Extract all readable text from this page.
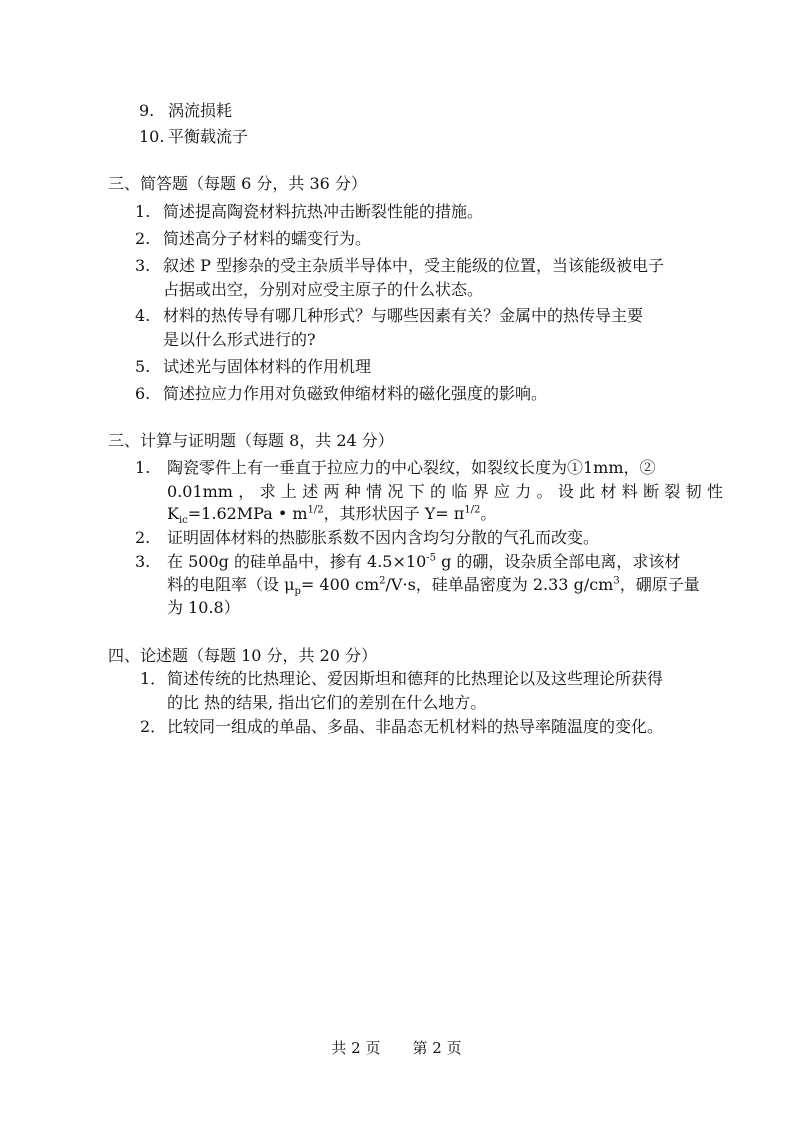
9. 涡流损耗
10. 平衡载流子
三、简答题（每题 6 分，共 36 分）
1. 简述提高陶瓷材料抗热冲击断裂性能的措施。
2. 简述高分子材料的蠕变行为。
3. 叙述 P 型掺杂的受主杂质半导体中，受主能级的位置，当该能级被电子
占据或出空，分别对应受主原子的什么状态。
4. 材料的热传导有哪几种形式？与哪些因素有关？金属中的热传导主要
是以什么形式进行的?
5. 试述光与固体材料的作用机理
6. 简述拉应力作用对负磁致伸缩材料的磁化强度的影响。
三、计算与证明题（每题 8，共 24 分）
1. 陶瓷零件上有一垂直于拉应力的中心裂纹，如裂纹长度为①1mm，②
0.01mm，求上述两种情况下的临界应力。设此材料断裂韧性
$K_{ic}=1.62MPa$ • $m^{1/2}$，其形状因子 $Y= \pi^{1/2}$。
2. 证明固体材料的热膨胀系数不因内含均匀分散的气孔而改变。
3. 在 500g 的硅单晶中，掺有 $4.5\times 10^{-5}$ g 的硼，设杂质全部电离，求该材
料的电阻率（设 $\mu_p= 400$ $cm^2/V\cdot s$，硅单晶密度为 2.33 $g/cm^3$，硼原子量
为 10.8）
四、论述题（每题 10 分，共 20 分）
1．简述传统的比热理论、爱因斯坦和德拜的比热理论以及这些理论所获得
的比 热的结果, 指出它们的差别在什么地方。
2．比较同一组成的单晶、多晶、非晶态无机材料的热导率随温度的变化。
共 2 页 第 2 页
